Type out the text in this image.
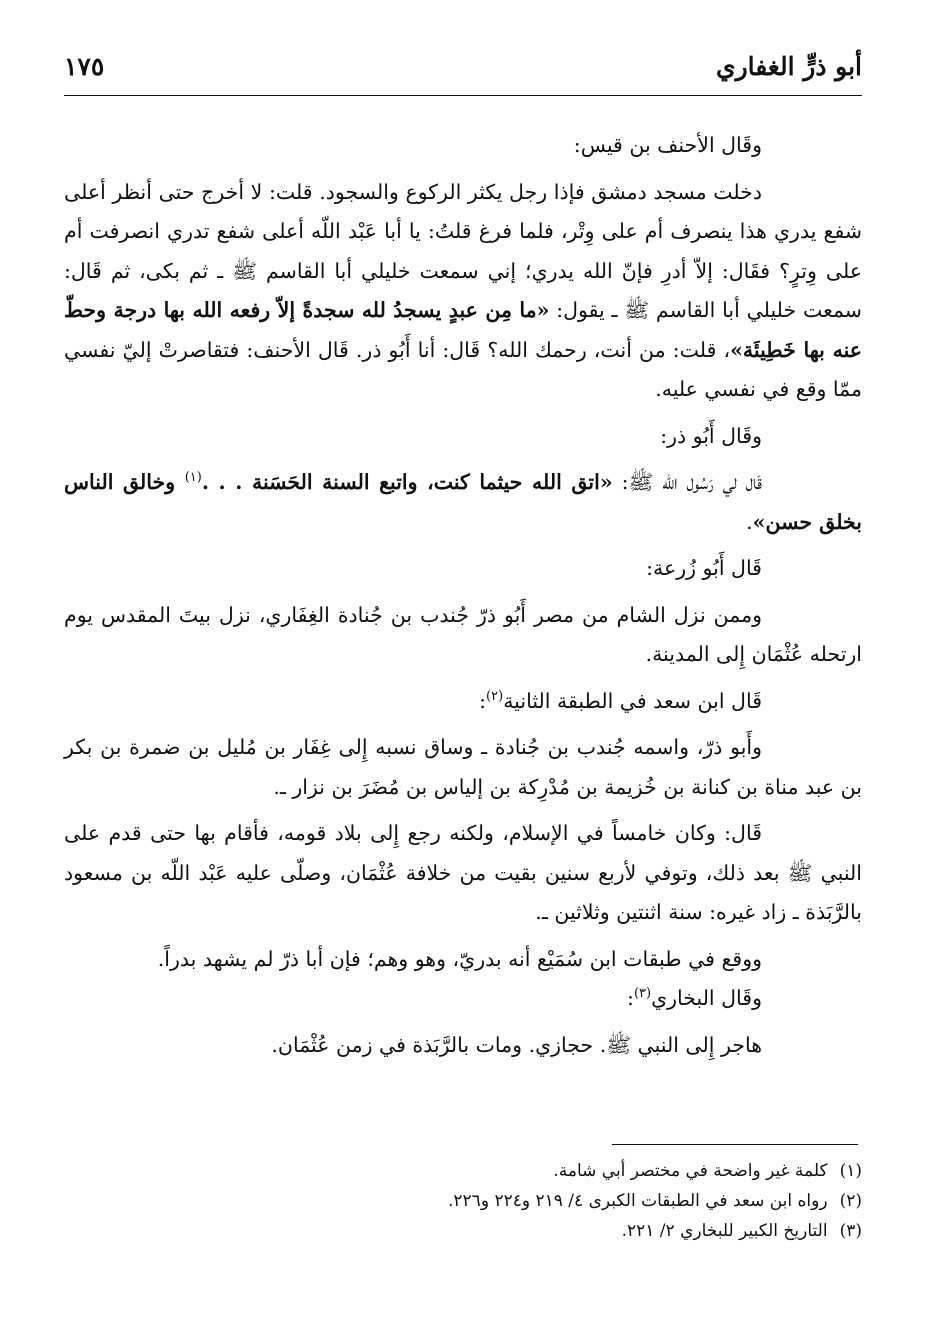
أبو ذرٍّ الغفاري
١٧٥

وقَال الأحنف بن قيس:

دخلت مسجد دمشق فإذا رجل يكثر الركوع والسجود. قلت: لا أخرج حتى أنظر أعلى شفع يدري هذا ينصرف أم على وِتْر، فلما فرغ قلتُ: يا أبا عَبْد اللّه أعلى شفع تدري انصرفت أم على وِترٍ؟ فقَال: إلاّ أدرِ فإنّ الله يدري؛ إني سمعت خليلي أبا القاسم ﷺ ـ ثم بكى، ثم قَال: سمعت خليلي أبا القاسم ﷺ ـ يقول: «ما مِن عبدٍ يسجدُ لله سجدةً إلاّ رفعه الله بها درجة وحطّ عنه بها خَطِيئَة»، قلت: من أنت، رحمك الله؟ قَال: أنا أَبُو ذر. قَال الأحنف: فتقاصرتْ إليّ نفسي ممّا وقع في نفسي عليه.

وقَال أَبُو ذر:

قَال لي رَسُول الله ﷺ: «اتق الله حيثما كنت، واتبع السنة الحَسَنة . . .$^{(١)}$ وخالق الناس بخلق حسن».

قَال أَبُو زُرعة:

وممن نزل الشام من مصر أَبُو ذرّ جُندب بن جُنادة الغِفَاري، نزل بيتَ المقدس يوم ارتحله عُثْمَان إِلى المدينة.

قَال ابن سعد في الطبقة الثانية$^{(٢)}$:

وأَبو ذرّ، واسمه جُندب بن جُنادة ـ وساق نسبه إِلى غِفَار بن مُليل بن ضمرة بن بكر بن عبد مناة بن كنانة بن خُزيمة بن مُدْرِكة بن إلياس بن مُضَرَ بن نزار ـ.

قَال: وكان خامساً في الإسلام، ولكنه رجع إِلى بلاد قومه، فأقام بها حتى قدم على النبي ﷺ بعد ذلك، وتوفي لأربع سنين بقيت من خلافة عُثْمَان، وصلّى عليه عَبْد اللّه بن مسعود بالرَّبَذة ـ زاد غيره: سنة اثنتين وثلاثين ـ.

ووقع في طبقات ابن سُمَيْع أنه بدريّ، وهو وهم؛ فإن أبا ذرّ لم يشهد بدراً.

وقَال البخاري$^{(٣)}$:

هاجر إِلى النبي ﷺ. حجازي. ومات بالرَّبَذة في زمن عُثْمَان.

(١)كلمة غير واضحة في مختصر أبي شامة.

(٢)رواه ابن سعد في الطبقات الكبرى ٤/ ٢١٩ و٢٢٤ و٢٢٦.

(٣)التاريخ الكبير للبخاري ٢/ ٢٢١.
